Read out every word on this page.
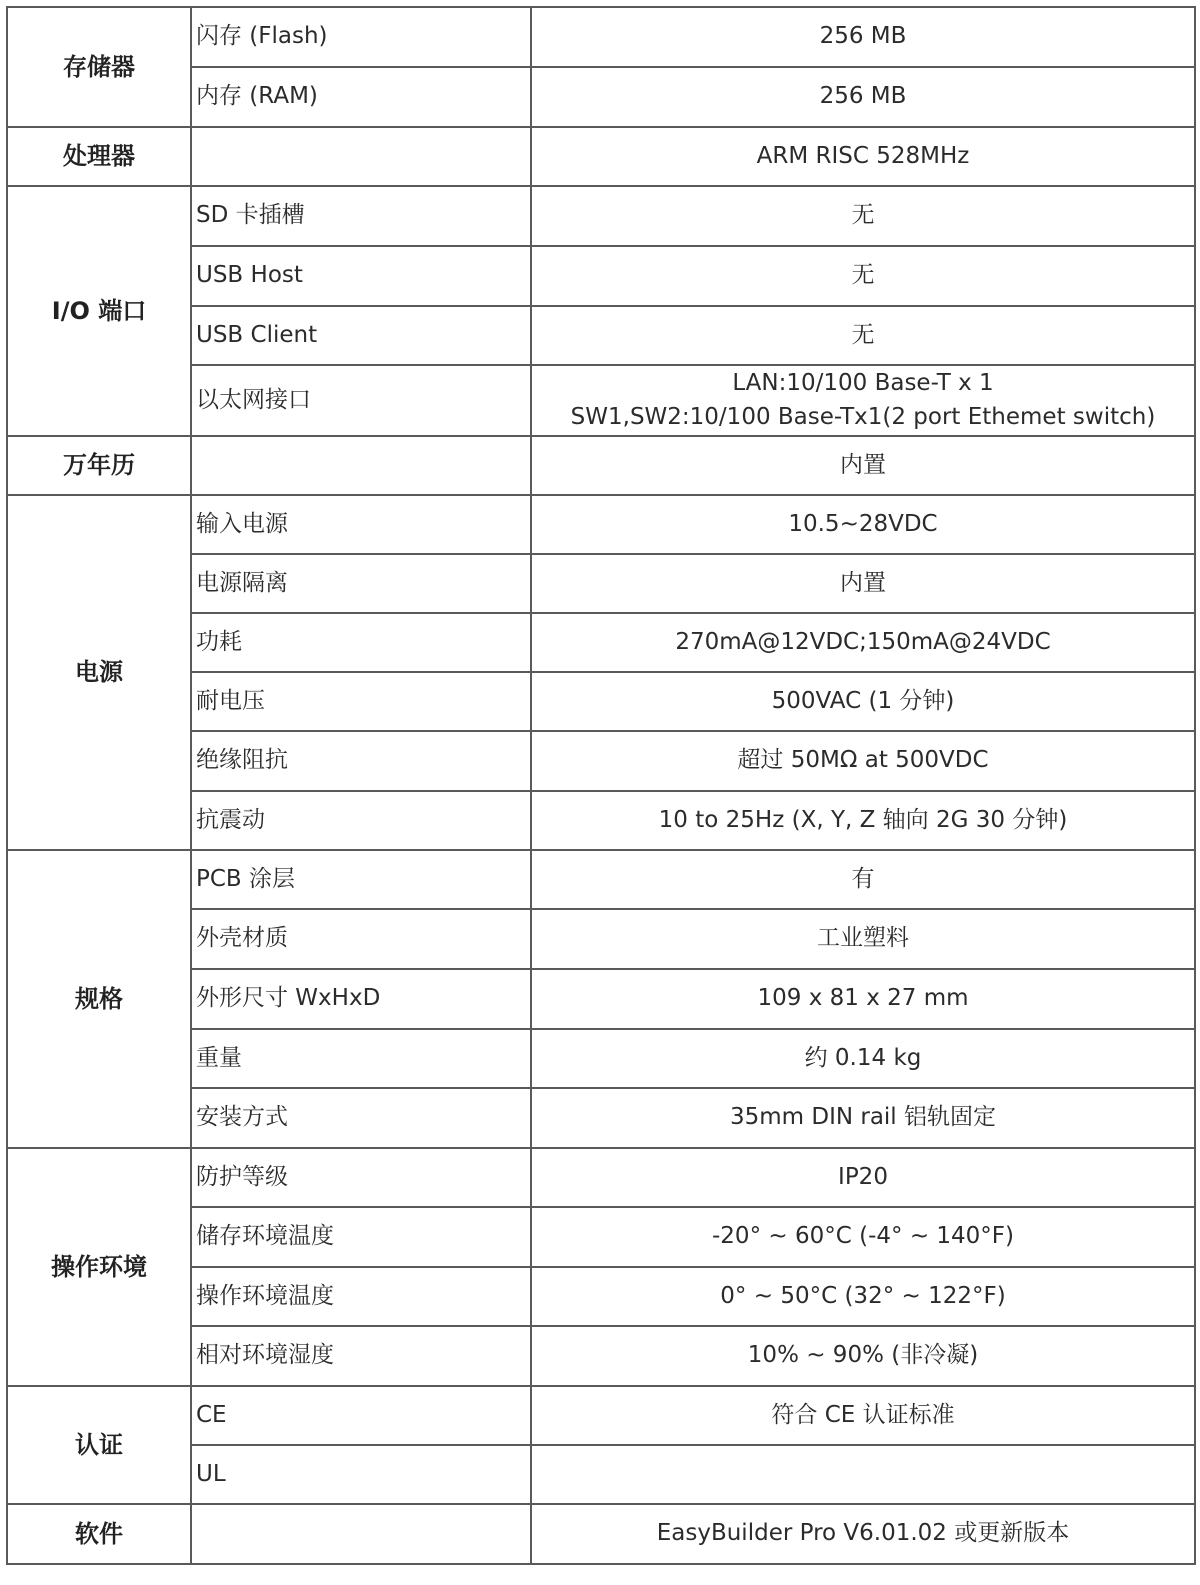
存储器	闪存 (Flash)	256 MB
	内存 (RAM)	256 MB
处理器		ARM RISC 528MHz
I/O 端口	SD 卡插槽	无
	USB Host	无
	USB Client	无
	以太网接口	LAN:10/100 Base-T x 1
SW1,SW2:10/100 Base-Tx1(2 port Ethemet switch)

万年历		内置
电源	输入电源	10.5~28VDC
	电源隔离	内置
	功耗	270mA@12VDC;150mA@24VDC
	耐电压	500VAC (1 分钟)
	绝缘阻抗	超过 50MΩ at 500VDC
	抗震动	10 to 25Hz (X, Y, Z 轴向 2G 30 分钟)
规格	PCB 涂层	有
	外壳材质	工业塑料
	外形尺寸 WxHxD	109 x 81 x 27 mm
	重量	约 0.14 kg
	安装方式	35mm DIN rail 铝轨固定
操作环境	防护等级	IP20
	储存环境温度	-20° ~ 60°C (-4° ~ 140°F)
	操作环境温度	0° ~ 50°C (32° ~ 122°F)
	相对环境湿度	10% ~ 90% (非冷凝)
认证	CE	符合 CE 认证标准
	UL	
软件		EasyBuilder Pro V6.01.02 或更新版本
